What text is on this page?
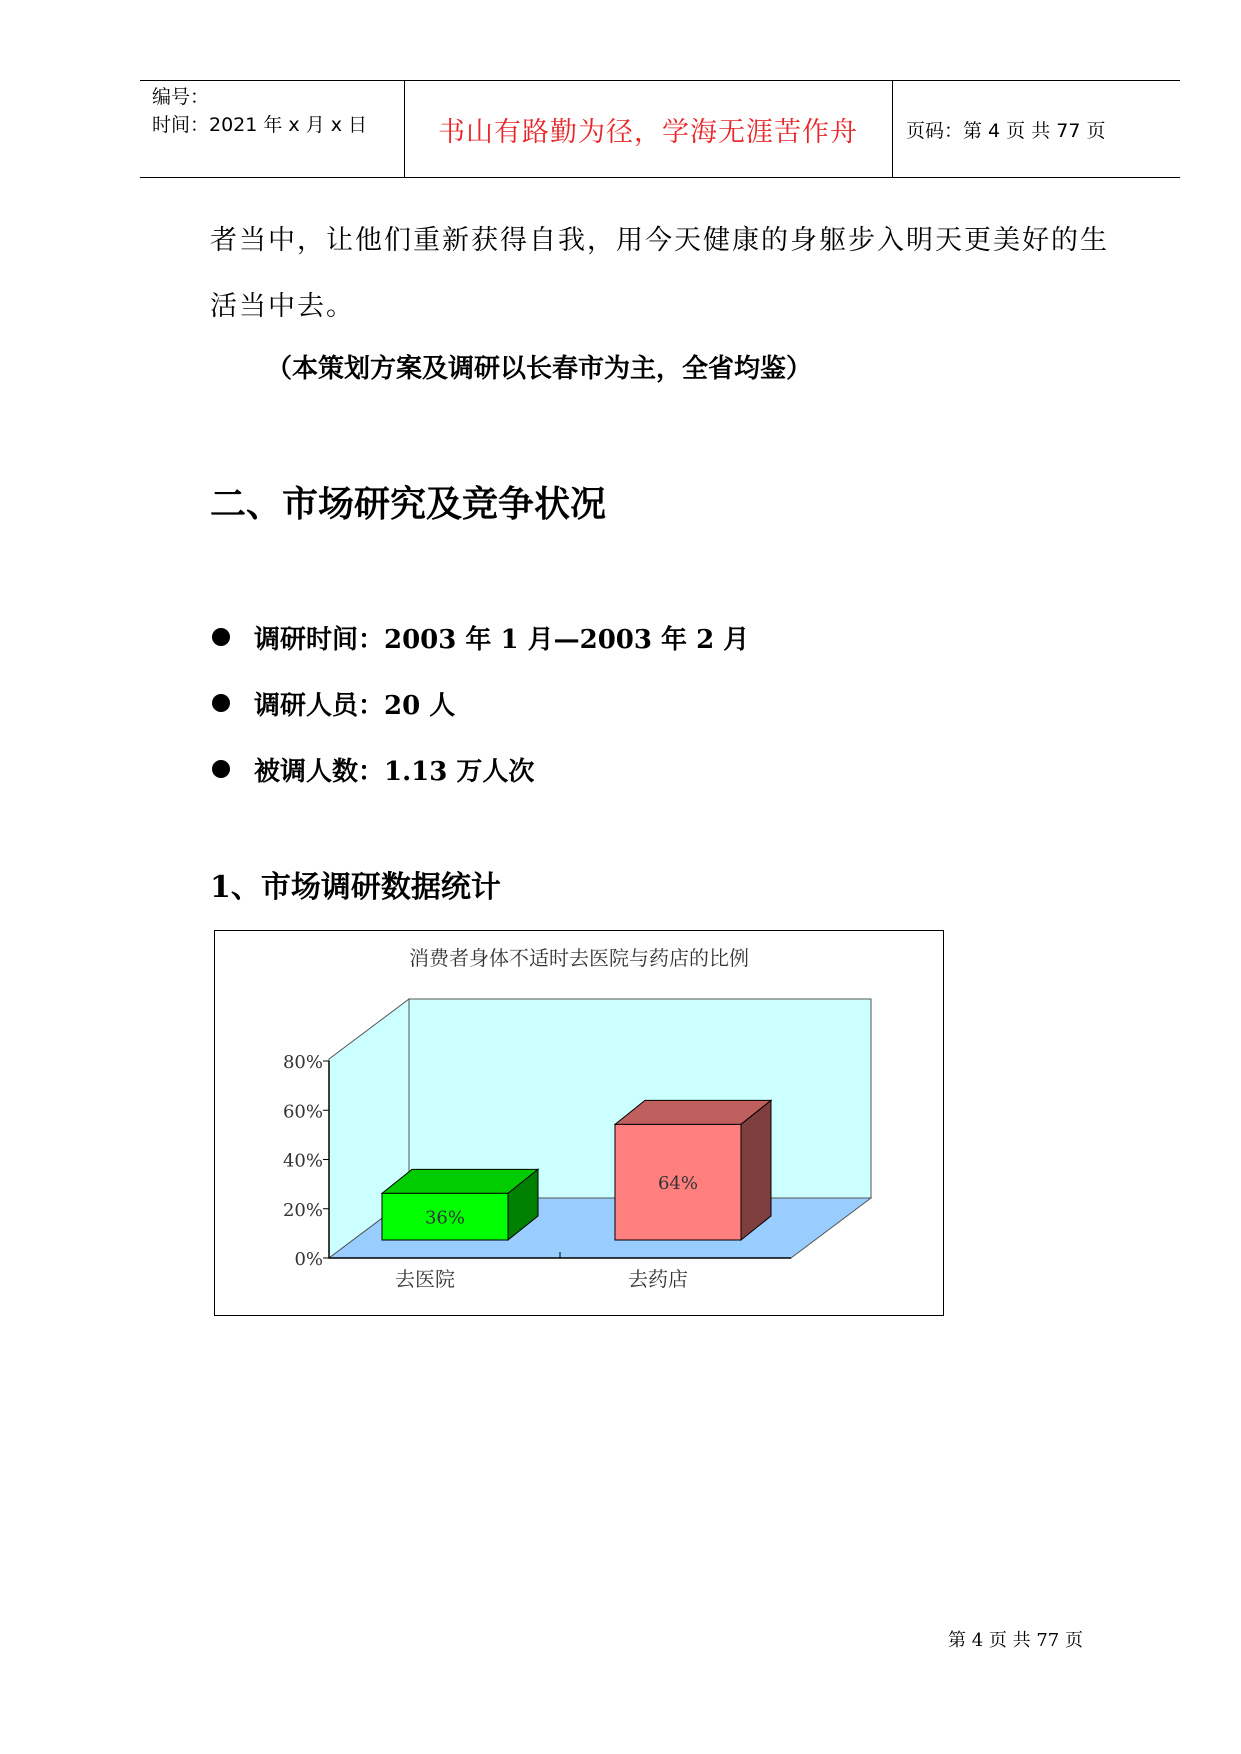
编号：
时间：2021 年 x 月 x 日	书山有路勤为径，学海无涯苦作舟	页码：第 4 页 共 77 页
者当中，让他们重新获得自我，用今天健康的身躯步入明天更美好的生
活当中去。
（本策划方案及调研以长春市为主，全省均鉴）
二、市场研究及竞争状况
调研时间：2003 年 1 月—2003 年 2 月
调研人员：20 人
被调人数：1.13 万人次
1、市场调研数据统计
消费者身体不适时去医院与药店的比例
0%
20%
40%
60%
80%
36%
去医院
64%
去药店
第 4 页 共 77 页
